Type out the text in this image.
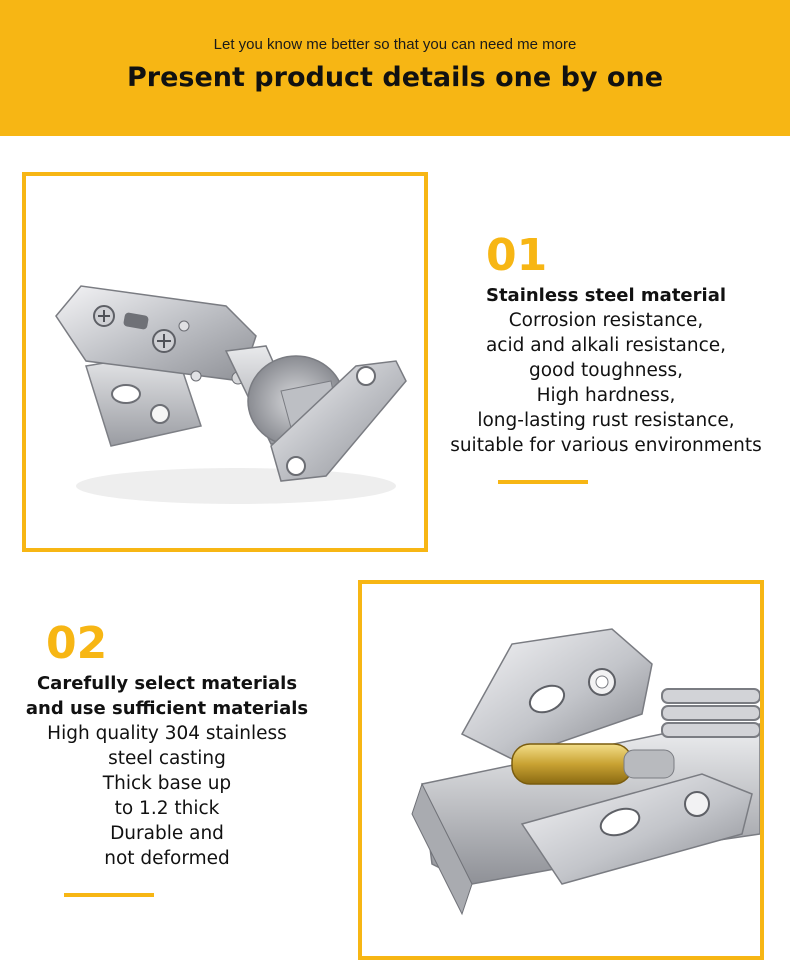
Let you know me better so that you can need me more
Present product details one by one
01
Stainless steel material
Corrosion resistance,
acid and alkali resistance,
good toughness,
High hardness,
long-lasting rust resistance,
suitable for various environments
02
Carefully select materials
and use sufficient materials
High quality 304 stainless
steel casting
Thick base up
to 1.2 thick
Durable and
not deformed
